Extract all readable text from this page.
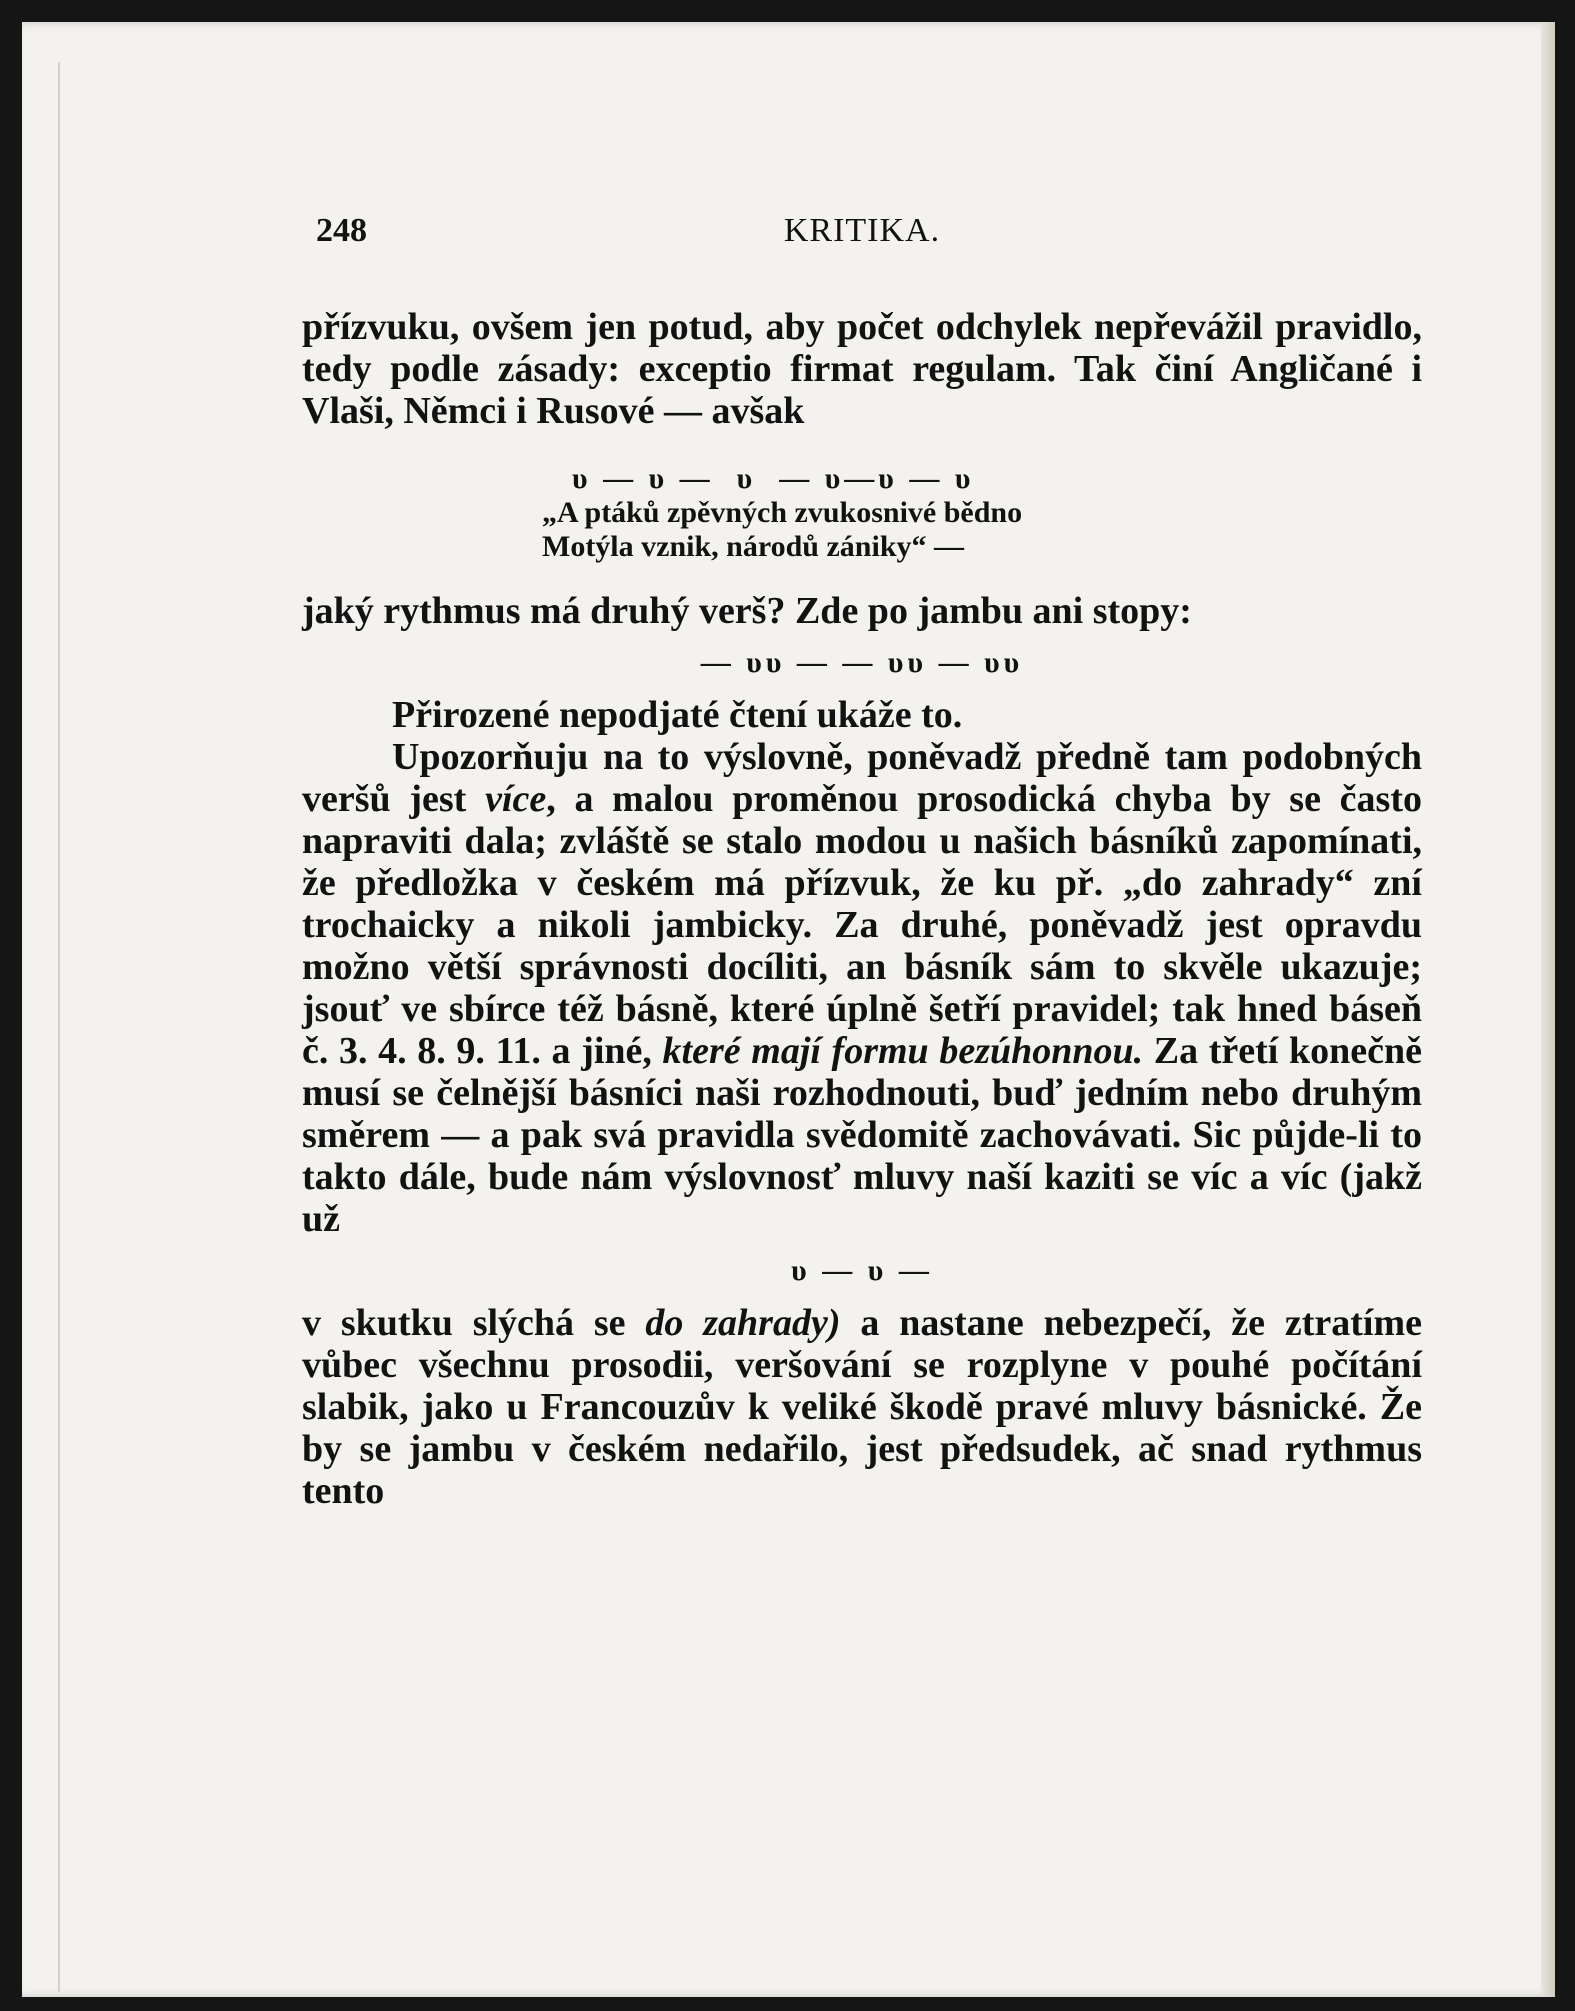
248	KRITIKA.

přízvuku, ovšem jen potud, aby počet odchylek nepřevážil pravidlo, tedy podle zásady: exceptio firmat regulam. Tak činí Angličané i Vlaši, Němci i Rusové — avšak

υ — υ —  υ  — υ—υ — υ

„A ptáků zpěvných zvukosnivé bědno

Motýla vznik, národů zániky“ —

jaký rythmus má druhý verš? Zde po jambu ani stopy:

— υυ — — υυ — υυ

Přirozené nepodjaté čtení ukáže to.

Upozorňuju na to výslovně, poněvadž předně tam podobných veršů jest více, a malou proměnou prosodická chyba by se často napraviti dala; zvláště se stalo modou u našich básníků zapomínati, že předložka v českém má přízvuk, že ku př. „do zahrady“ zní trochaicky a nikoli jambicky. Za druhé, poněvadž jest opravdu možno větší správnosti docíliti, an básník sám to skvěle ukazuje; jsouť ve sbírce též básně, které úplně šetří pravidel; tak hned báseň č. 3. 4. 8. 9. 11. a jiné, které mají formu bezúhonnou. Za třetí konečně musí se čelnější básníci naši rozhodnouti, buď jedním nebo druhým směrem — a pak svá pravidla svědomitě zachovávati. Sic půjde-li to takto dále, bude nám výslovnosť mluvy naší kaziti se víc a víc (jakž už

υ — υ —

v skutku slýchá se do zahrady) a nastane nebezpečí, že ztratíme vůbec všechnu prosodii, veršování se rozplyne v pouhé počítání slabik, jako u Francouzův k veliké škodě pravé mluvy básnické. Že by se jambu v českém nedařilo, jest předsudek, ač snad rythmus tento
